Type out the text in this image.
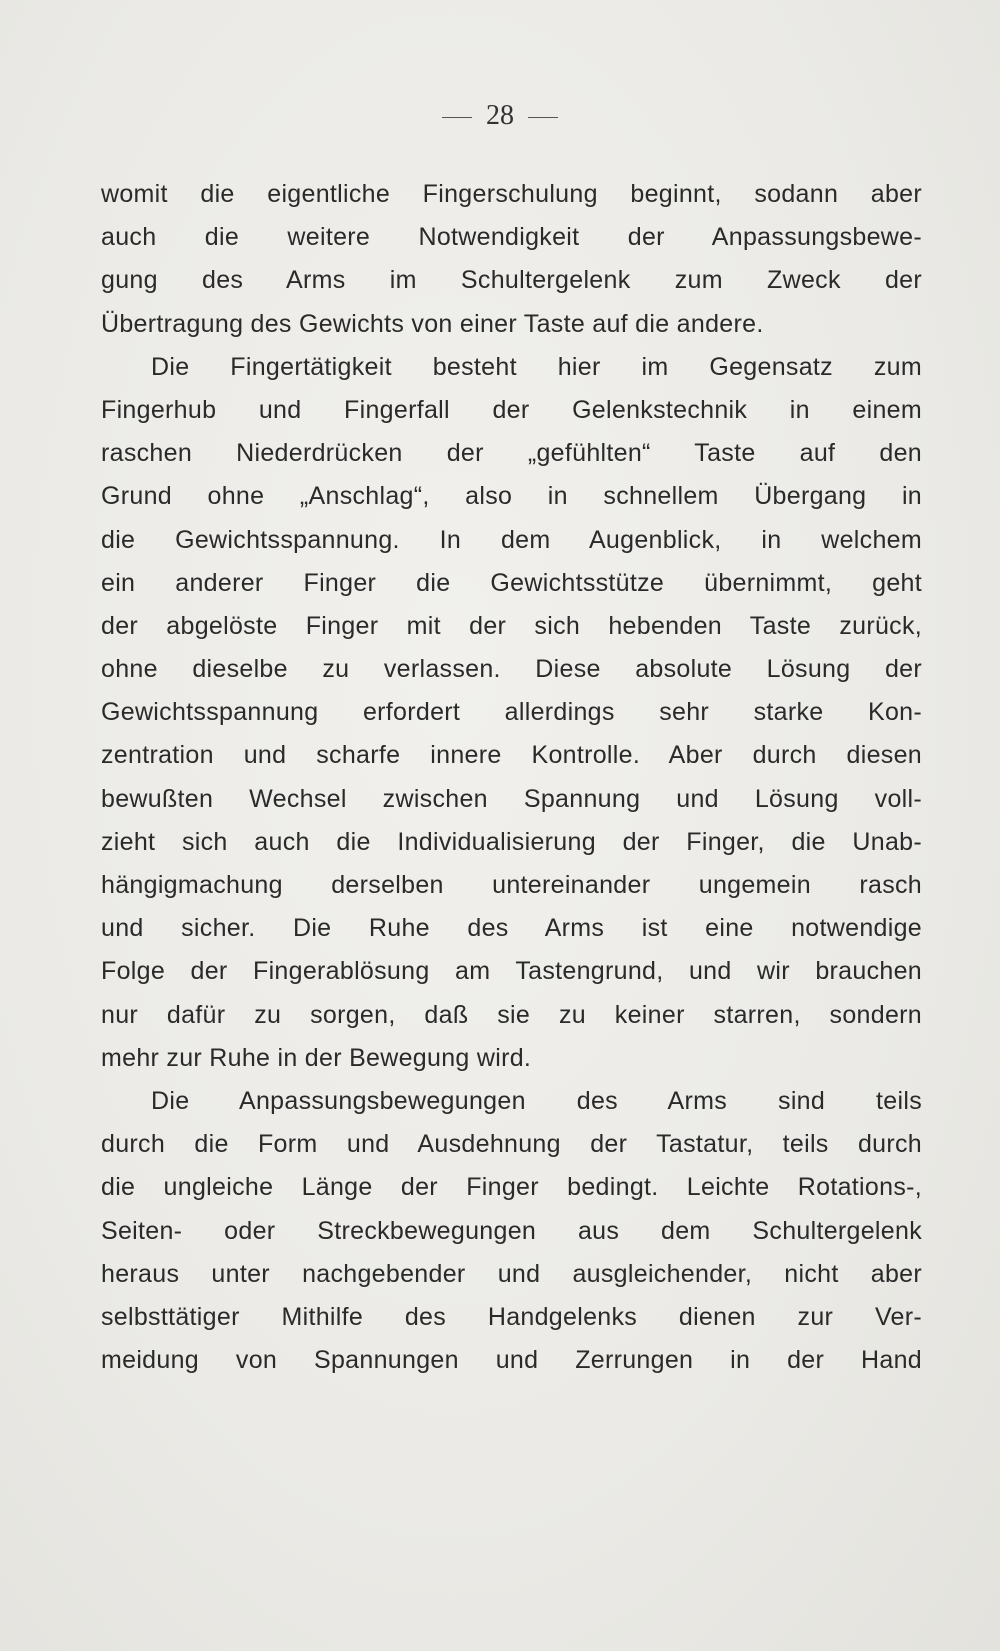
28
womit die eigentliche Fingerschulung beginnt, sodann aber
auch die weitere Notwendigkeit der Anpassungsbewe-
gung des Arms im Schultergelenk zum Zweck der
Übertragung des Gewichts von einer Taste auf die andere.
Die Fingertätigkeit besteht hier im Gegensatz zum
Fingerhub und Fingerfall der Gelenkstechnik in einem
raschen Niederdrücken der „gefühlten“ Taste auf den
Grund ohne „Anschlag“, also in schnellem Übergang in
die Gewichtsspannung. In dem Augenblick, in welchem
ein anderer Finger die Gewichtsstütze übernimmt, geht
der abgelöste Finger mit der sich hebenden Taste zurück,
ohne dieselbe zu verlassen. Diese absolute Lösung der
Gewichtsspannung erfordert allerdings sehr starke Kon-
zentration und scharfe innere Kontrolle. Aber durch diesen
bewußten Wechsel zwischen Spannung und Lösung voll-
zieht sich auch die Individualisierung der Finger, die Unab-
hängigmachung derselben untereinander ungemein rasch
und sicher. Die Ruhe des Arms ist eine notwendige
Folge der Fingerablösung am Tastengrund, und wir brauchen
nur dafür zu sorgen, daß sie zu keiner starren, sondern
mehr zur Ruhe in der Bewegung wird.
Die Anpassungsbewegungen des Arms sind teils
durch die Form und Ausdehnung der Tastatur, teils durch
die ungleiche Länge der Finger bedingt. Leichte Rotations-,
Seiten- oder Streckbewegungen aus dem Schultergelenk
heraus unter nachgebender und ausgleichender, nicht aber
selbsttätiger Mithilfe des Handgelenks dienen zur Ver-
meidung von Spannungen und Zerrungen in der Hand
